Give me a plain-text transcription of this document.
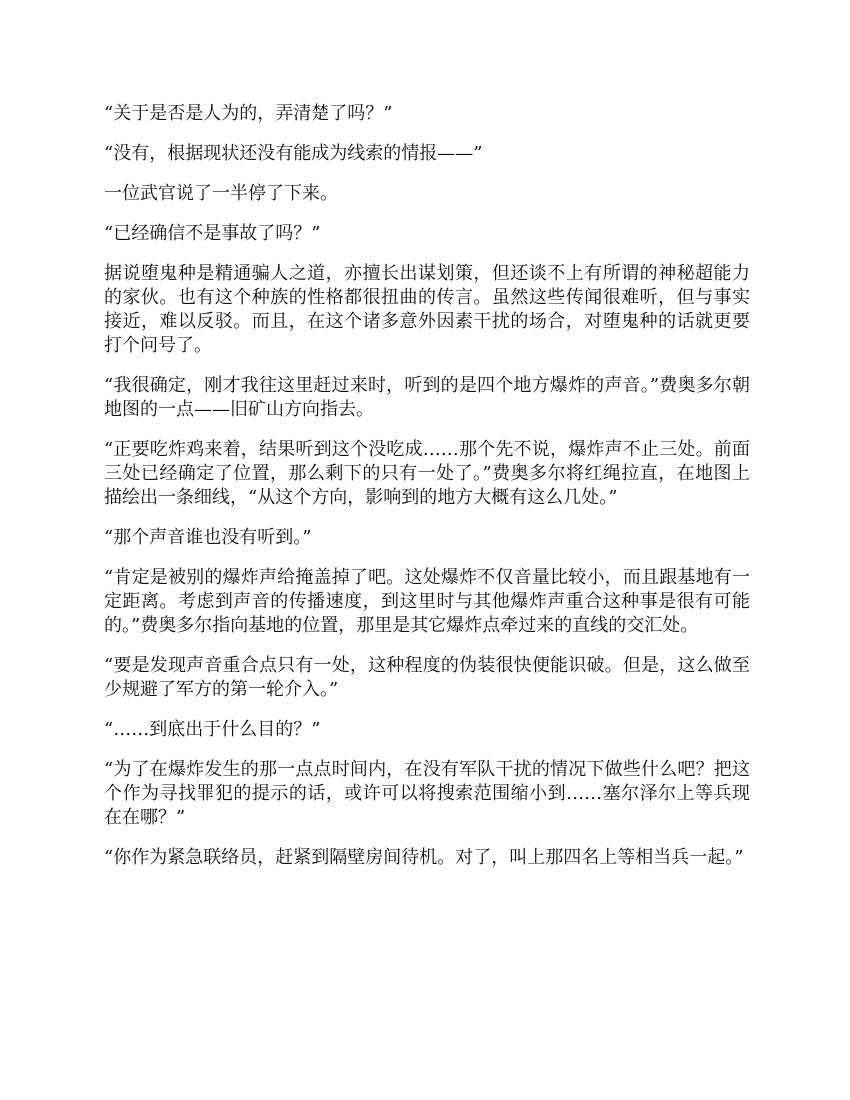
“关于是否是人为的，弄清楚了吗？”

“没有，根据现状还没有能成为线索的情报——”

一位武官说了一半停了下来。

“已经确信不是事故了吗？”

据说堕鬼种是精通骗人之道，亦擅长出谋划策，但还谈不上有所谓的神秘超能力的家伙。也有这个种族的性格都很扭曲的传言。虽然这些传闻很难听，但与事实接近，难以反驳。而且，在这个诸多意外因素干扰的场合，对堕鬼种的话就更要打个问号了。

“我很确定，刚才我往这里赶过来时，听到的是四个地方爆炸的声音。”费奥多尔朝地图的一点——旧矿山方向指去。

“正要吃炸鸡来着，结果听到这个没吃成……那个先不说，爆炸声不止三处。前面三处已经确定了位置，那么剩下的只有一处了。”费奥多尔将红绳拉直，在地图上描绘出一条细线，“从这个方向，影响到的地方大概有这么几处。”

“那个声音谁也没有听到。”

“肯定是被别的爆炸声给掩盖掉了吧。这处爆炸不仅音量比较小，而且跟基地有一定距离。考虑到声音的传播速度，到这里时与其他爆炸声重合这种事是很有可能的。”费奥多尔指向基地的位置，那里是其它爆炸点牵过来的直线的交汇处。

“要是发现声音重合点只有一处，这种程度的伪装很快便能识破。但是，这么做至少规避了军方的第一轮介入。”

“……到底出于什么目的？”

“为了在爆炸发生的那一点点时间内，在没有军队干扰的情况下做些什么吧？把这个作为寻找罪犯的提示的话，或许可以将搜索范围缩小到……塞尔泽尔上等兵现在在哪？”

“你作为紧急联络员，赶紧到隔壁房间待机。对了，叫上那四名上等相当兵一起。”
